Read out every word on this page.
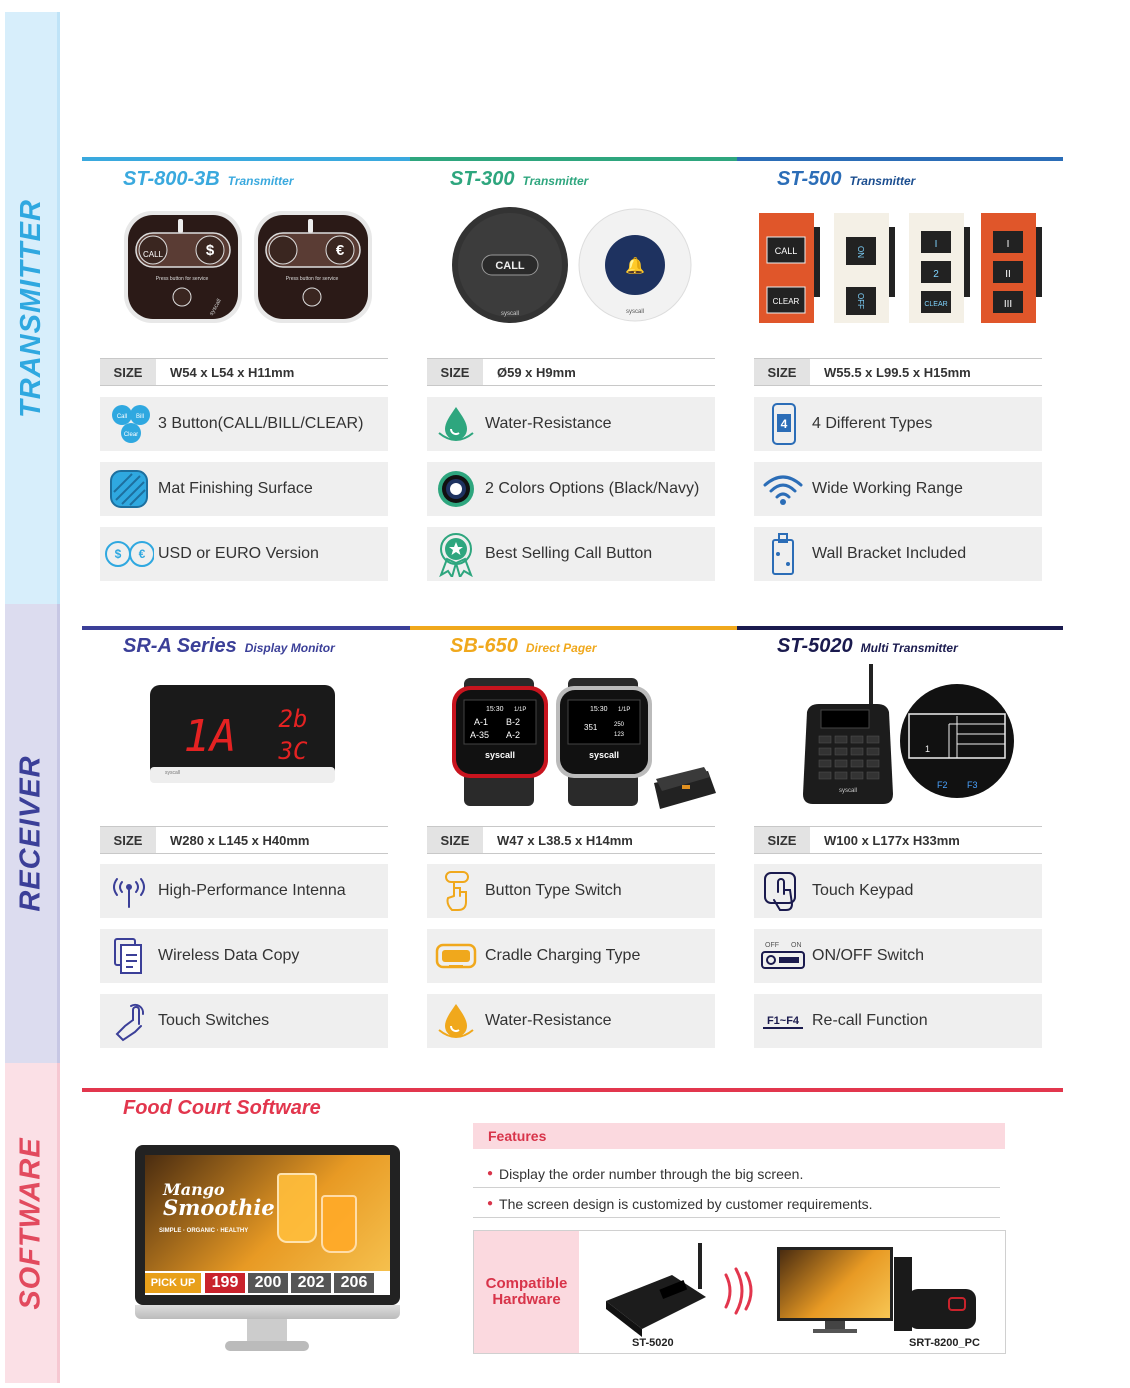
TRANSMITTER
RECEIVER
SOFTWARE
ST-800-3B Transmitter	ST-300 Transmitter	ST-500 Transmitter
SR-A Series Display Monitor	SB-650 Direct Pager	ST-5020 Multi Transmitter
CALL	$
Press button for service
syscall
€
Press button for service
CALL
syscall
🔔
syscall
CALL
CLEAR
ON
OFF
I
2
CLEAR
I
II
III
syscall
1A 2b
3C
15:30 1/1P
A-1 B-2
A-35 A-2
syscall
15:30 1/1P
351	250
123
syscall
syscall
1
F2 F3
SIZE	W54 x L54 x H11mm	SIZE	Ø59 x H9mm	SIZE	W55.5 x L99.5 x H15mm
SIZE	W280 x L145 x H40mm	SIZE	W47 x L38.5 x H14mm	SIZE	W100 x L177x H33mm
Call Bill
Clear
3 Button(CALL/BILL/CLEAR)
Mat Finishing Surface
$ € USD or EURO Version
Water-Resistance
2 Colors Options (Black/Navy)
Best Selling Call Button
4 4 Different Types
Wide Working Range
Wall Bracket Included
High-Performance Intenna
Wireless Data Copy
Touch Switches
Button Type Switch
Cradle Charging Type
Water-Resistance
Touch Keypad
OFF ON
ON/OFF Switch
F1~F4 Re-call Function
Food Court Software
Mango
Smoothie
SIMPLE · ORGANIC · HEALTHY
PICK UP	199	200	202	206
Features
● Display the order number through the big screen.
● The screen design is customized by customer requirements.
Compatible Hardware
ST-5020	SRT-8200_PC
